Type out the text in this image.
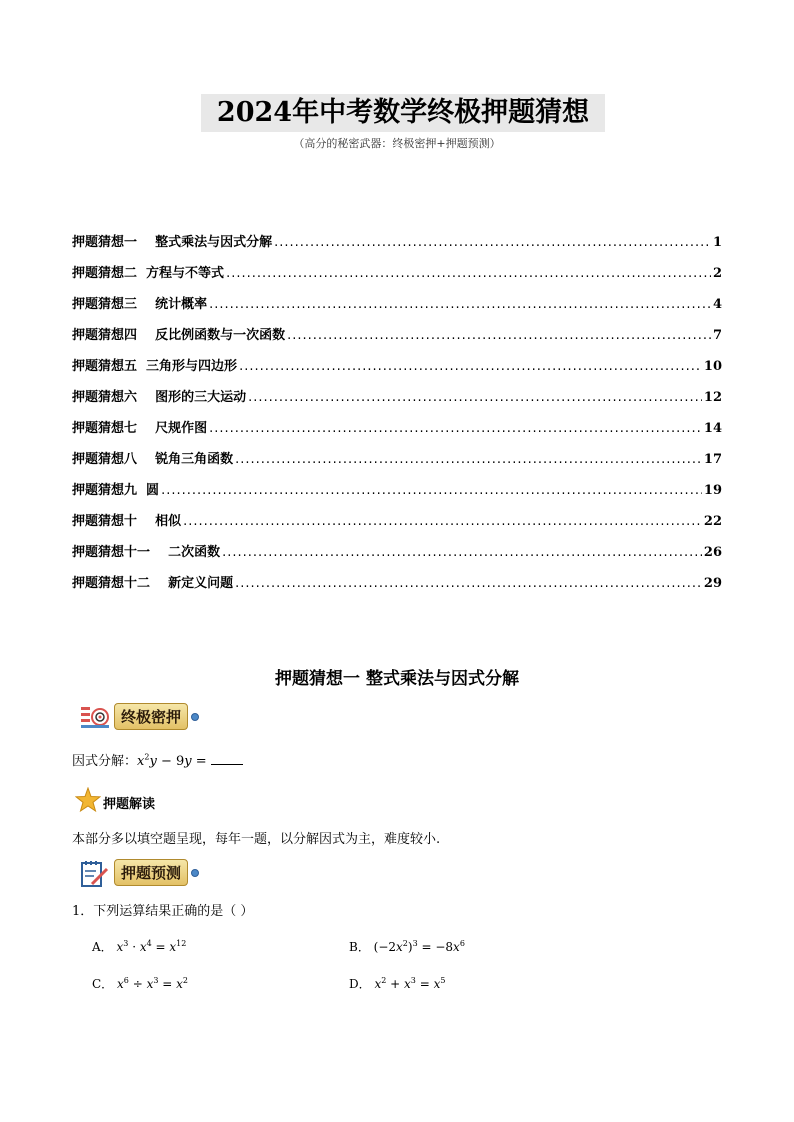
2024年中考数学终极押题猜想
（高分的秘密武器：终极密押+押题预测）
押题猜想一    整式乘法与因式分解 .....	1
押题猜想二  方程与不等式 .....	2
押题猜想三    统计概率 .....	4
押题猜想四    反比例函数与一次函数 .....	7
押题猜想五  三角形与四边形 .....	10
押题猜想六    图形的三大运动 .....	12
押题猜想七    尺规作图 .....	14
押题猜想八    锐角三角函数 .....	17
押题猜想九  圆 .....	19
押题猜想十    相似 .....	22
押题猜想十一    二次函数 .....	26
押题猜想十二    新定义问题 .....	29
押题猜想一 整式乘法与因式分解
终极密押
因式分解：$x^2y - 9y$ =
押题解读
本部分多以填空题呈现，每年一题，以分解因式为主，难度较小.
押题预测
1．下列运算结果正确的是（ ）
A． $x^3 \cdot x^4 = x^{12}$	B． $(-2x^2)^3 = -8x^6$
C． $x^6 \div x^3 = x^2$	D． $x^2 + x^3 = x^5$
